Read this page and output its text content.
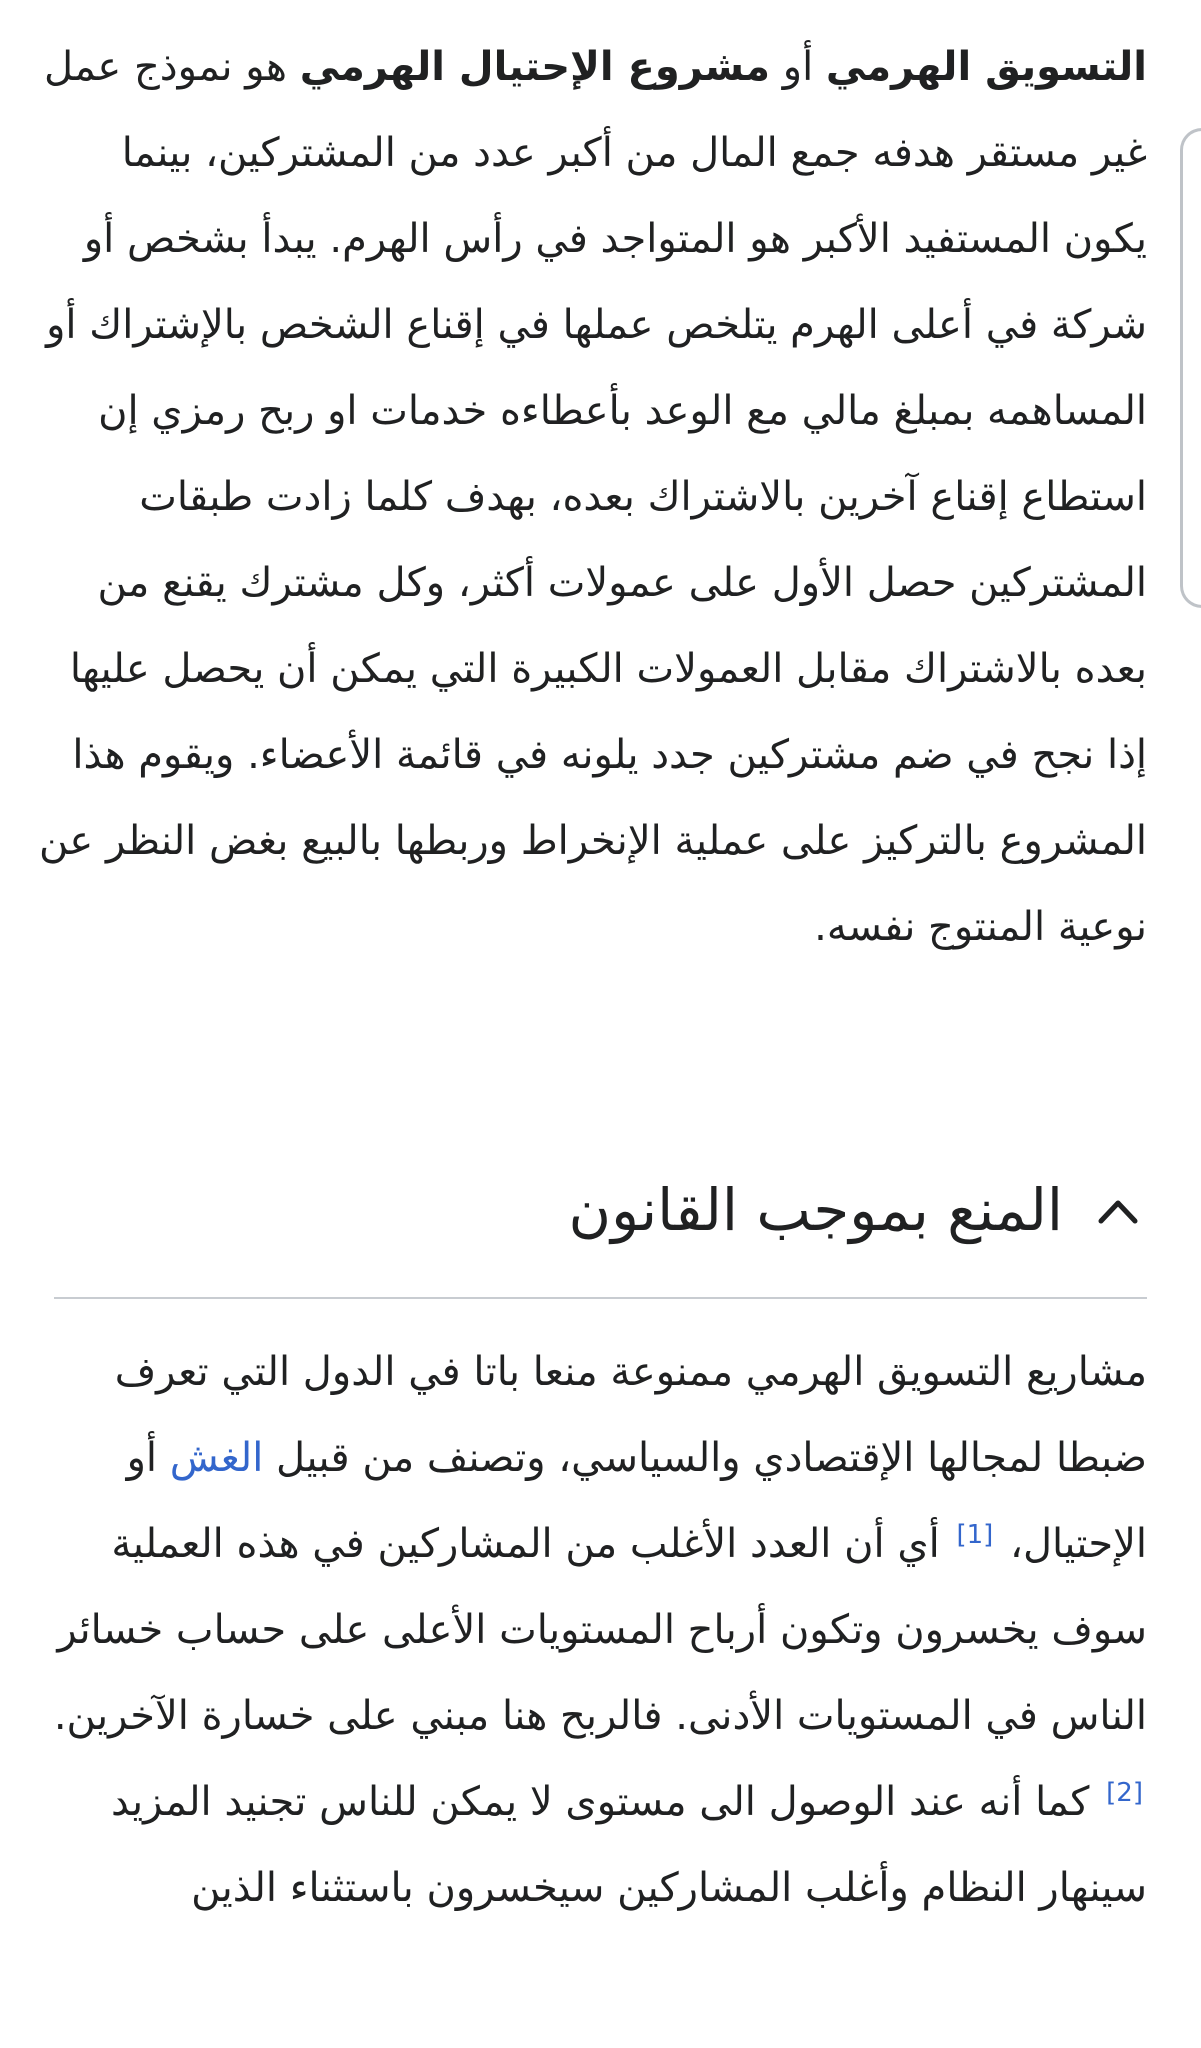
التسويق الهرمي أو مشروع الإحتيال الهرمي هو نموذج عمل غير مستقر هدفه جمع المال من أكبر عدد من المشتركين، بينما يكون المستفيد الأكبر هو المتواجد في رأس الهرم. يبدأ بشخص أو شركة في أعلى الهرم يتلخص عملها في إقناع الشخص بالإشتراك أو المساهمه بمبلغ مالي مع الوعد بأعطاءه خدمات او ربح رمزي إن استطاع إقناع آخرين بالاشتراك بعده، بهدف كلما زادت طبقات المشتركين حصل الأول على عمولات أكثر، وكل مشترك يقنع من بعده بالاشتراك مقابل العمولات الكبيرة التي يمكن أن يحصل عليها إذا نجح في ضم مشتركين جدد يلونه في قائمة الأعضاء. ويقوم هذا المشروع بالتركيز على عملية الإنخراط وربطها بالبيع بغض النظر عن نوعية المنتوج نفسه.

المنع بموجب القانون

مشاريع التسويق الهرمي ممنوعة منعا باتا في الدول التي تعرف ضبطا لمجالها الإقتصادي والسياسي، وتصنف من قبيل الغش أو الإحتيال، [1] أي أن العدد الأغلب من المشاركين في هذه العملية سوف يخسرون وتكون أرباح المستويات الأعلى على حساب خسائر الناس في المستويات الأدنى. فالربح هنا مبني على خسارة الآخرين.[2] كما أنه عند الوصول الى مستوى لا يمكن للناس تجنيد المزيد سينهار النظام وأغلب المشاركين سيخسرون باستثناء الذين
